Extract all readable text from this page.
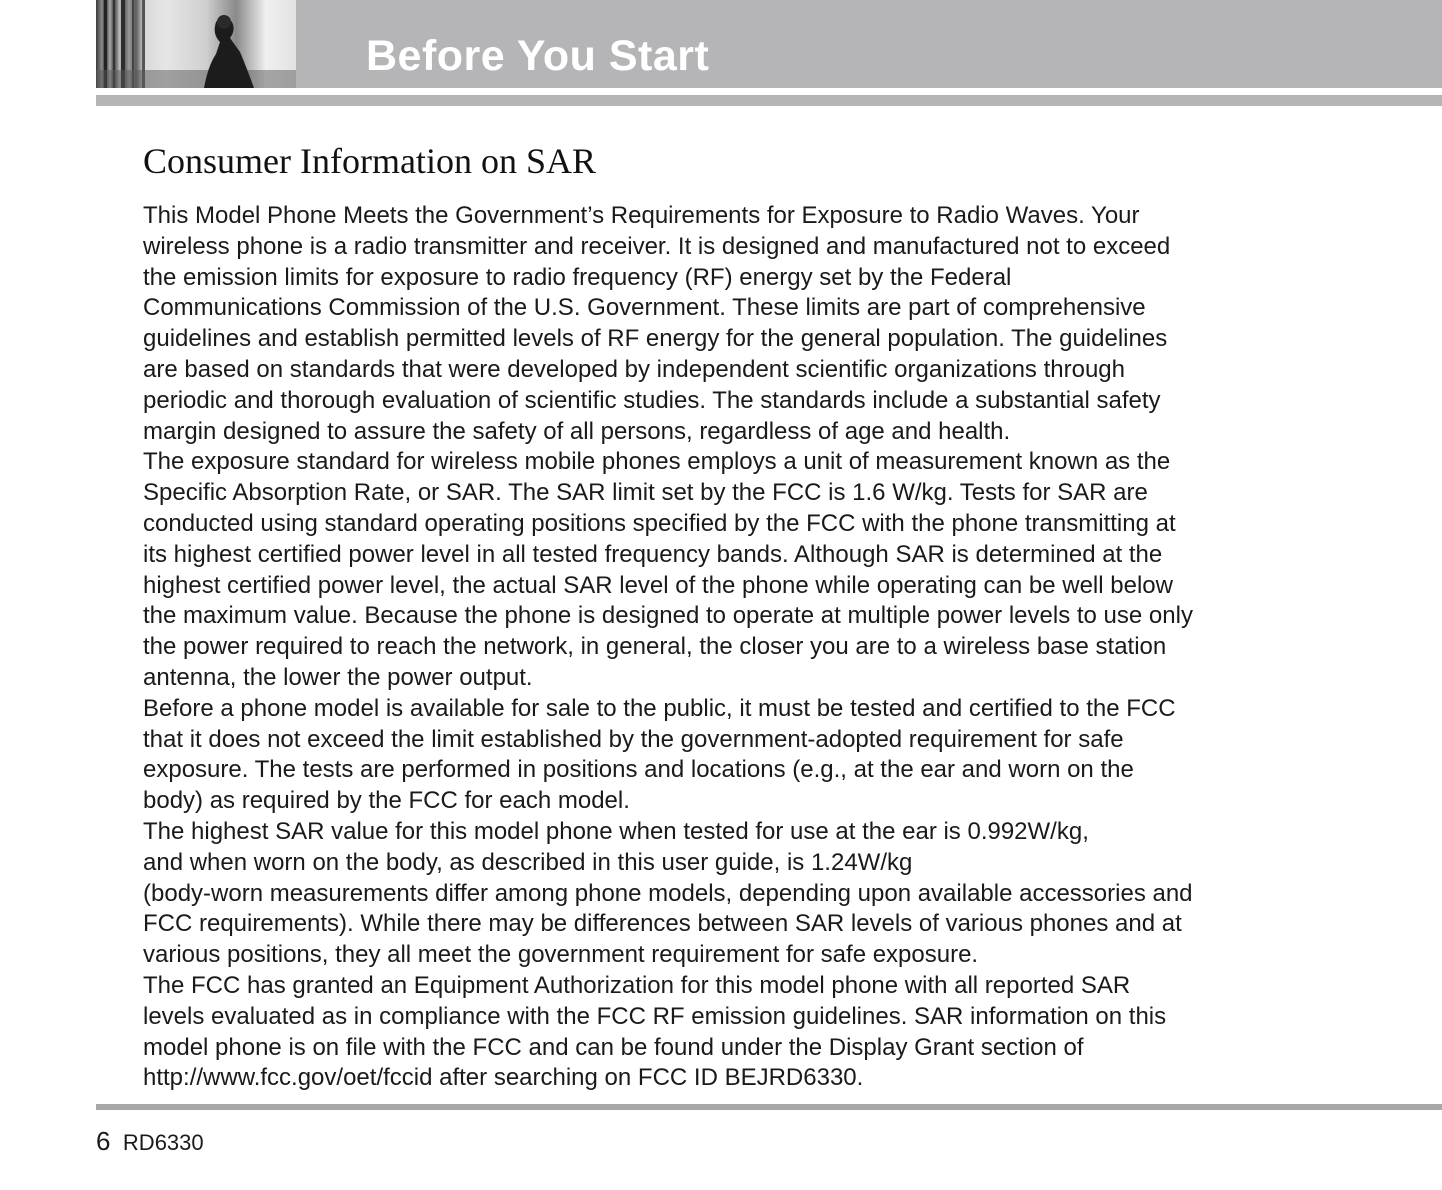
Before You Start
Consumer Information on SAR
This Model Phone Meets the Government’s Requirements for Exposure to Radio Waves. Your
wireless phone is a radio transmitter and receiver. It is designed and manufactured not to exceed
the emission limits for exposure to radio frequency (RF) energy set by the Federal
Communications Commission of the U.S. Government. These limits are part of comprehensive
guidelines and establish permitted levels of RF energy for the general population. The guidelines
are based on standards that were developed by independent scientific organizations through
periodic and thorough evaluation of scientific studies. The standards include a substantial safety
margin designed to assure the safety of all persons, regardless of age and health.
The exposure standard for wireless mobile phones employs a unit of measurement known as the
Specific Absorption Rate, or SAR. The SAR limit set by the FCC is 1.6 W/kg. Tests for SAR are
conducted using standard operating positions specified by the FCC with the phone transmitting at
its highest certified power level in all tested frequency bands. Although SAR is determined at the
highest certified power level, the actual SAR level of the phone while operating can be well below
the maximum value. Because the phone is designed to operate at multiple power levels to use only
the power required to reach the network, in general, the closer you are to a wireless base station
antenna, the lower the power output.
Before a phone model is available for sale to the public, it must be tested and certified to the FCC
that it does not exceed the limit established by the government-adopted requirement for safe
exposure. The tests are performed in positions and locations (e.g., at the ear and worn on the
body) as required by the FCC for each model.
The highest SAR value for this model phone when tested for use at the ear is 0.992W/kg,
and when worn on the body, as described in this user guide, is 1.24W/kg
(body-worn measurements differ among phone models, depending upon available accessories and
FCC requirements). While there may be differences between SAR levels of various phones and at
various positions, they all meet the government requirement for safe exposure.
The FCC has granted an Equipment Authorization for this model phone with all reported SAR
levels evaluated as in compliance with the FCC RF emission guidelines. SAR information on this
model phone is on file with the FCC and can be found under the Display Grant section of
http://www.fcc.gov/oet/fccid after searching on FCC ID BEJRD6330.
6 RD6330
